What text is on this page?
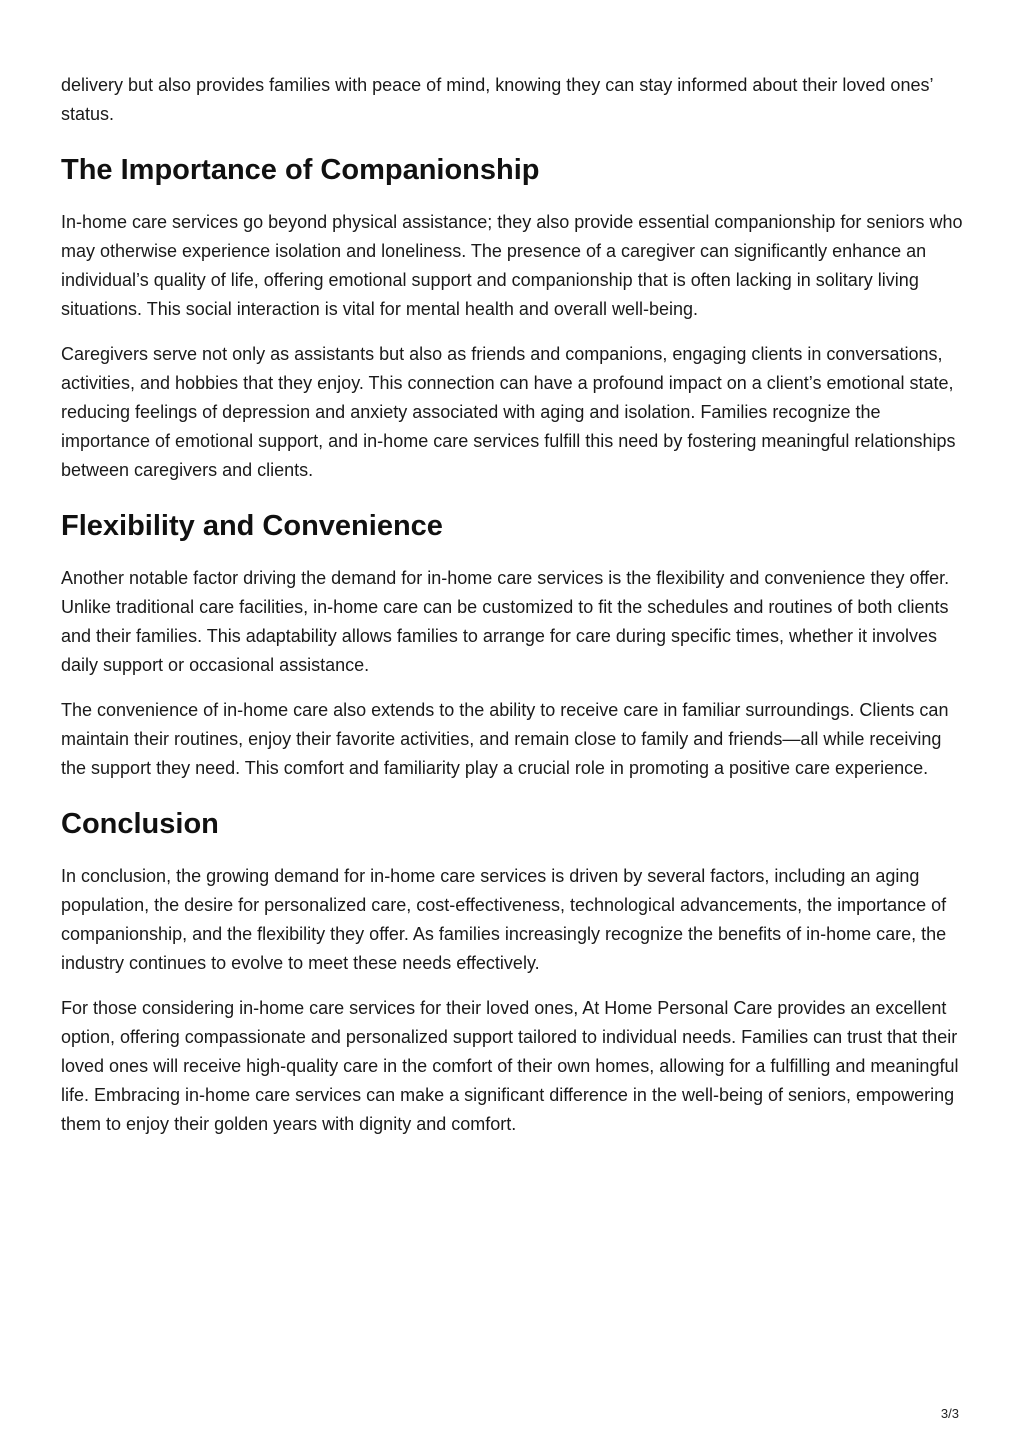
delivery but also provides families with peace of mind, knowing they can stay informed about their loved ones’ status.

The Importance of Companionship

In-home care services go beyond physical assistance; they also provide essential companionship for seniors who may otherwise experience isolation and loneliness. The presence of a caregiver can significantly enhance an individual’s quality of life, offering emotional support and companionship that is often lacking in solitary living situations. This social interaction is vital for mental health and overall well-being.

Caregivers serve not only as assistants but also as friends and companions, engaging clients in conversations, activities, and hobbies that they enjoy. This connection can have a profound impact on a client’s emotional state, reducing feelings of depression and anxiety associated with aging and isolation. Families recognize the importance of emotional support, and in-home care services fulfill this need by fostering meaningful relationships between caregivers and clients.

Flexibility and Convenience

Another notable factor driving the demand for in-home care services is the flexibility and convenience they offer. Unlike traditional care facilities, in-home care can be customized to fit the schedules and routines of both clients and their families. This adaptability allows families to arrange for care during specific times, whether it involves daily support or occasional assistance.

The convenience of in-home care also extends to the ability to receive care in familiar surroundings. Clients can maintain their routines, enjoy their favorite activities, and remain close to family and friends—all while receiving the support they need. This comfort and familiarity play a crucial role in promoting a positive care experience.

Conclusion

In conclusion, the growing demand for in-home care services is driven by several factors, including an aging population, the desire for personalized care, cost-effectiveness, technological advancements, the importance of companionship, and the flexibility they offer. As families increasingly recognize the benefits of in-home care, the industry continues to evolve to meet these needs effectively.

For those considering in-home care services for their loved ones, At Home Personal Care provides an excellent option, offering compassionate and personalized support tailored to individual needs. Families can trust that their loved ones will receive high-quality care in the comfort of their own homes, allowing for a fulfilling and meaningful life. Embracing in-home care services can make a significant difference in the well-being of seniors, empowering them to enjoy their golden years with dignity and comfort.

3/3
